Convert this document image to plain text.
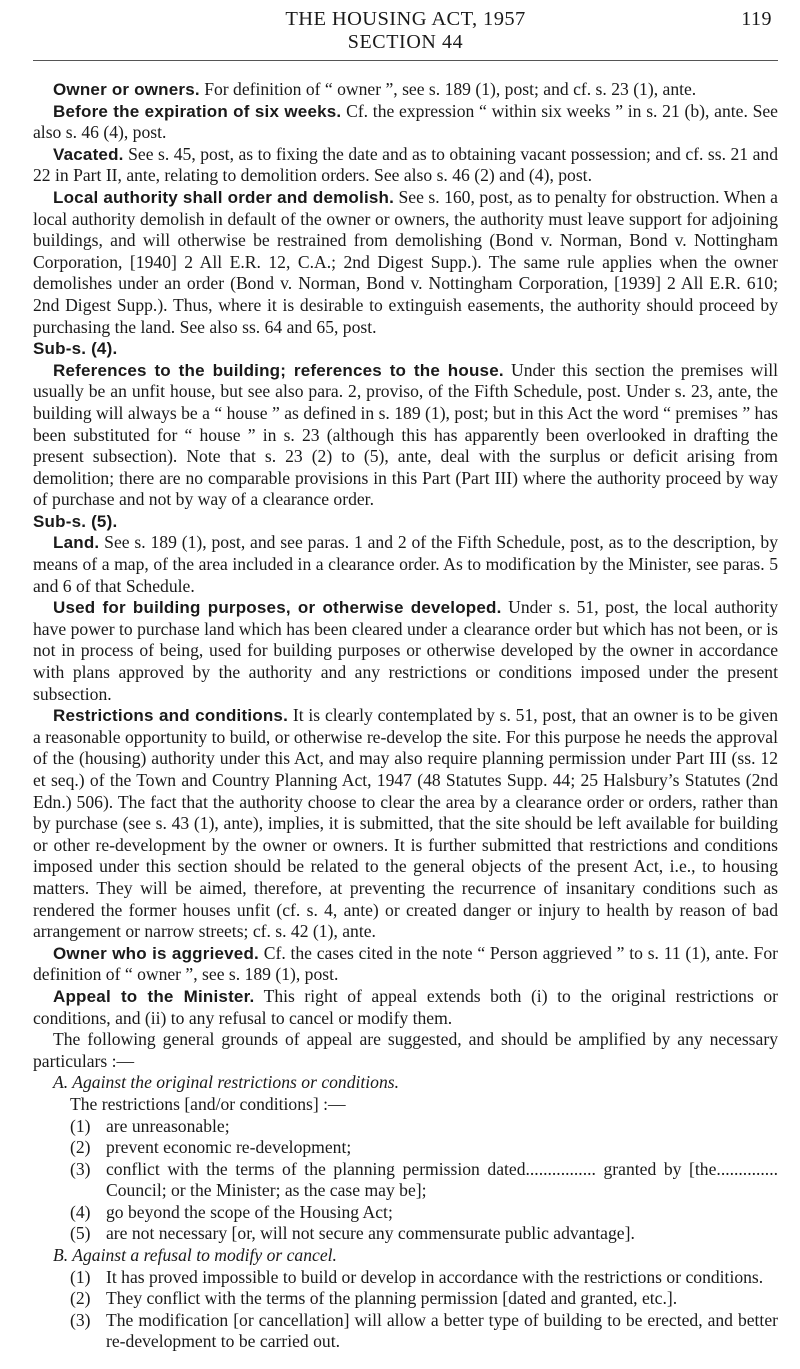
THE HOUSING ACT, 1957
SECTION 44
119

Owner or owners. For definition of “ owner ”, see s. 189 (1), post; and cf. s. 23 (1), ante.

Before the expiration of six weeks. Cf. the expression “ within six weeks ” in s. 21 (b), ante. See also s. 46 (4), post.

Vacated. See s. 45, post, as to fixing the date and as to obtaining vacant possession; and cf. ss. 21 and 22 in Part II, ante, relating to demolition orders. See also s. 46 (2) and (4), post.

Local authority shall order and demolish. See s. 160, post, as to penalty for obstruction. When a local authority demolish in default of the owner or owners, the authority must leave support for adjoining buildings, and will otherwise be restrained from demolishing (Bond v. Norman, Bond v. Nottingham Corporation, [1940] 2 All E.R. 12, C.A.; 2nd Digest Supp.). The same rule applies when the owner demolishes under an order (Bond v. Norman, Bond v. Nottingham Corporation, [1939] 2 All E.R. 610; 2nd Digest Supp.). Thus, where it is desirable to extinguish easements, the authority should proceed by purchasing the land. See also ss. 64 and 65, post.

Sub-s. (4).

References to the building; references to the house. Under this section the premises will usually be an unfit house, but see also para. 2, proviso, of the Fifth Schedule, post. Under s. 23, ante, the building will always be a “ house ” as defined in s. 189 (1), post; but in this Act the word “ premises ” has been substituted for “ house ” in s. 23 (although this has apparently been overlooked in drafting the present subsection). Note that s. 23 (2) to (5), ante, deal with the surplus or deficit arising from demolition; there are no comparable provisions in this Part (Part III) where the authority proceed by way of purchase and not by way of a clearance order.

Sub-s. (5).

Land. See s. 189 (1), post, and see paras. 1 and 2 of the Fifth Schedule, post, as to the description, by means of a map, of the area included in a clearance order. As to modification by the Minister, see paras. 5 and 6 of that Schedule.

Used for building purposes, or otherwise developed. Under s. 51, post, the local authority have power to purchase land which has been cleared under a clearance order but which has not been, or is not in process of being, used for building purposes or otherwise developed by the owner in accordance with plans approved by the authority and any restrictions or conditions imposed under the present subsection.

Restrictions and conditions. It is clearly contemplated by s. 51, post, that an owner is to be given a reasonable opportunity to build, or otherwise re-develop the site. For this purpose he needs the approval of the (housing) authority under this Act, and may also require planning permission under Part III (ss. 12 et seq.) of the Town and Country Planning Act, 1947 (48 Statutes Supp. 44; 25 Halsbury’s Statutes (2nd Edn.) 506). The fact that the authority choose to clear the area by a clearance order or orders, rather than by purchase (see s. 43 (1), ante), implies, it is submitted, that the site should be left available for building or other re-development by the owner or owners. It is further submitted that restrictions and conditions imposed under this section should be related to the general objects of the present Act, i.e., to housing matters. They will be aimed, therefore, at preventing the recurrence of insanitary conditions such as rendered the former houses unfit (cf. s. 4, ante) or created danger or injury to health by reason of bad arrangement or narrow streets; cf. s. 42 (1), ante.

Owner who is aggrieved. Cf. the cases cited in the note “ Person aggrieved ” to s. 11 (1), ante. For definition of “ owner ”, see s. 189 (1), post.

Appeal to the Minister. This right of appeal extends both (i) to the original restrictions or conditions, and (ii) to any refusal to cancel or modify them.

The following general grounds of appeal are suggested, and should be amplified by any necessary particulars :—

A. Against the original restrictions or conditions.

The restrictions [and/or conditions] :—

(1) are unreasonable;

(2) prevent economic re-development;

(3) conflict with the terms of the planning permission dated................ granted by [the.............. Council; or the Minister; as the case may be];

(4) go beyond the scope of the Housing Act;

(5) are not necessary [or, will not secure any commensurate public advantage].

B. Against a refusal to modify or cancel.

(1) It has proved impossible to build or develop in accordance with the restrictions or conditions.

(2) They conflict with the terms of the planning permission [dated and granted, etc.].

(3) The modification [or cancellation] will allow a better type of building to be erected, and better re-development to be carried out.
